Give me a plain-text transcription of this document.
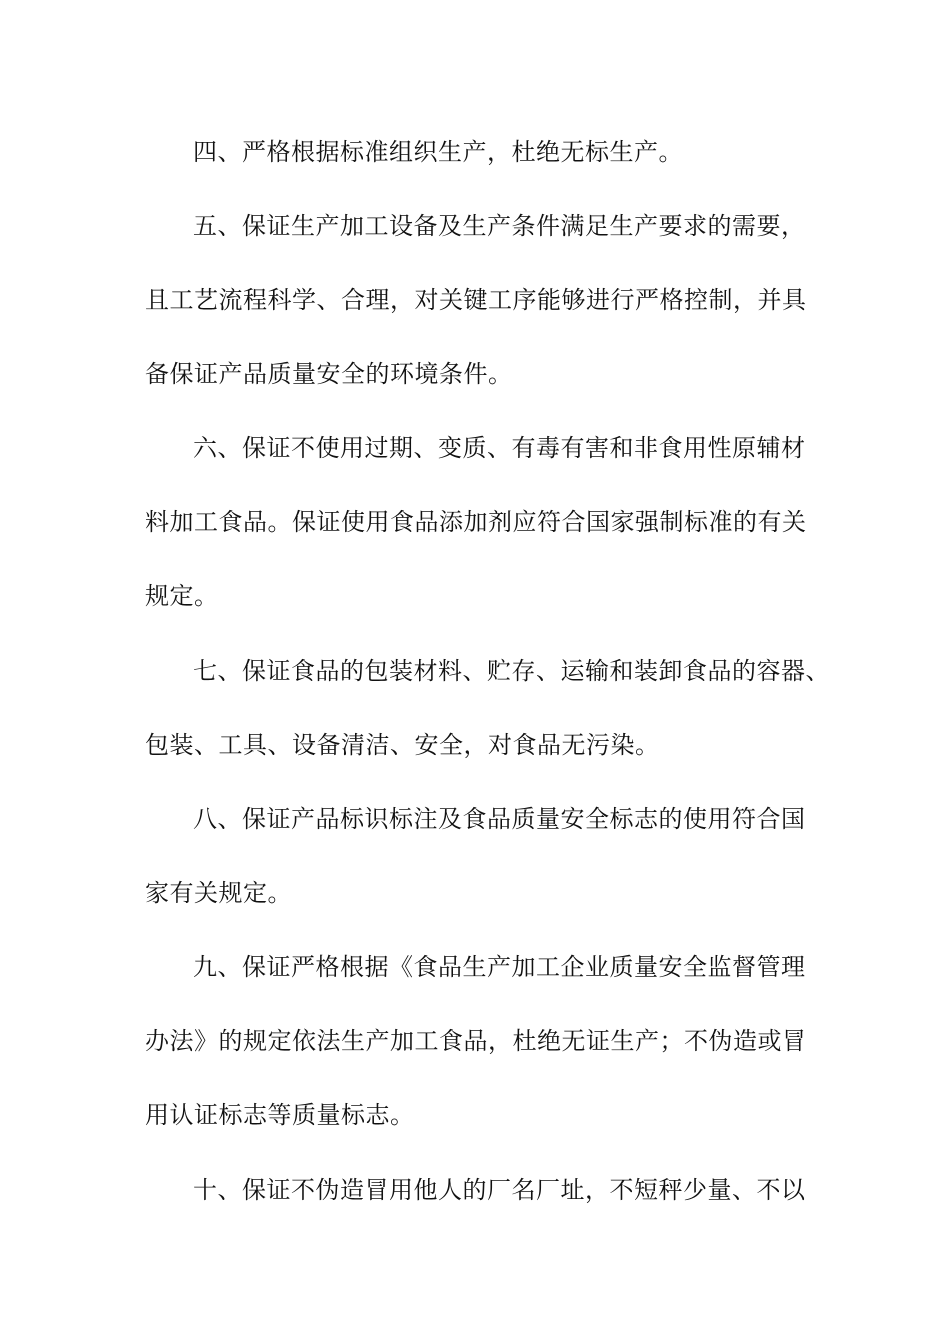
四、严格根据标准组织生产，杜绝无标生产。
五、保证生产加工设备及生产条件满足生产要求的需要，
且工艺流程科学、合理，对关键工序能够进行严格控制，并具
备保证产品质量安全的环境条件。
六、保证不使用过期、变质、有毒有害和非食用性原辅材
料加工食品。保证使用食品添加剂应符合国家强制标准的有关
规定。
七、保证食品的包装材料、贮存、运输和装卸食品的容器、
包装、工具、设备清洁、安全，对食品无污染。
八、保证产品标识标注及食品质量安全标志的使用符合国
家有关规定。
九、保证严格根据《食品生产加工企业质量安全监督管理
办法》的规定依法生产加工食品，杜绝无证生产；不伪造或冒
用认证标志等质量标志。
十、保证不伪造冒用他人的厂名厂址，不短秤少量、不以
